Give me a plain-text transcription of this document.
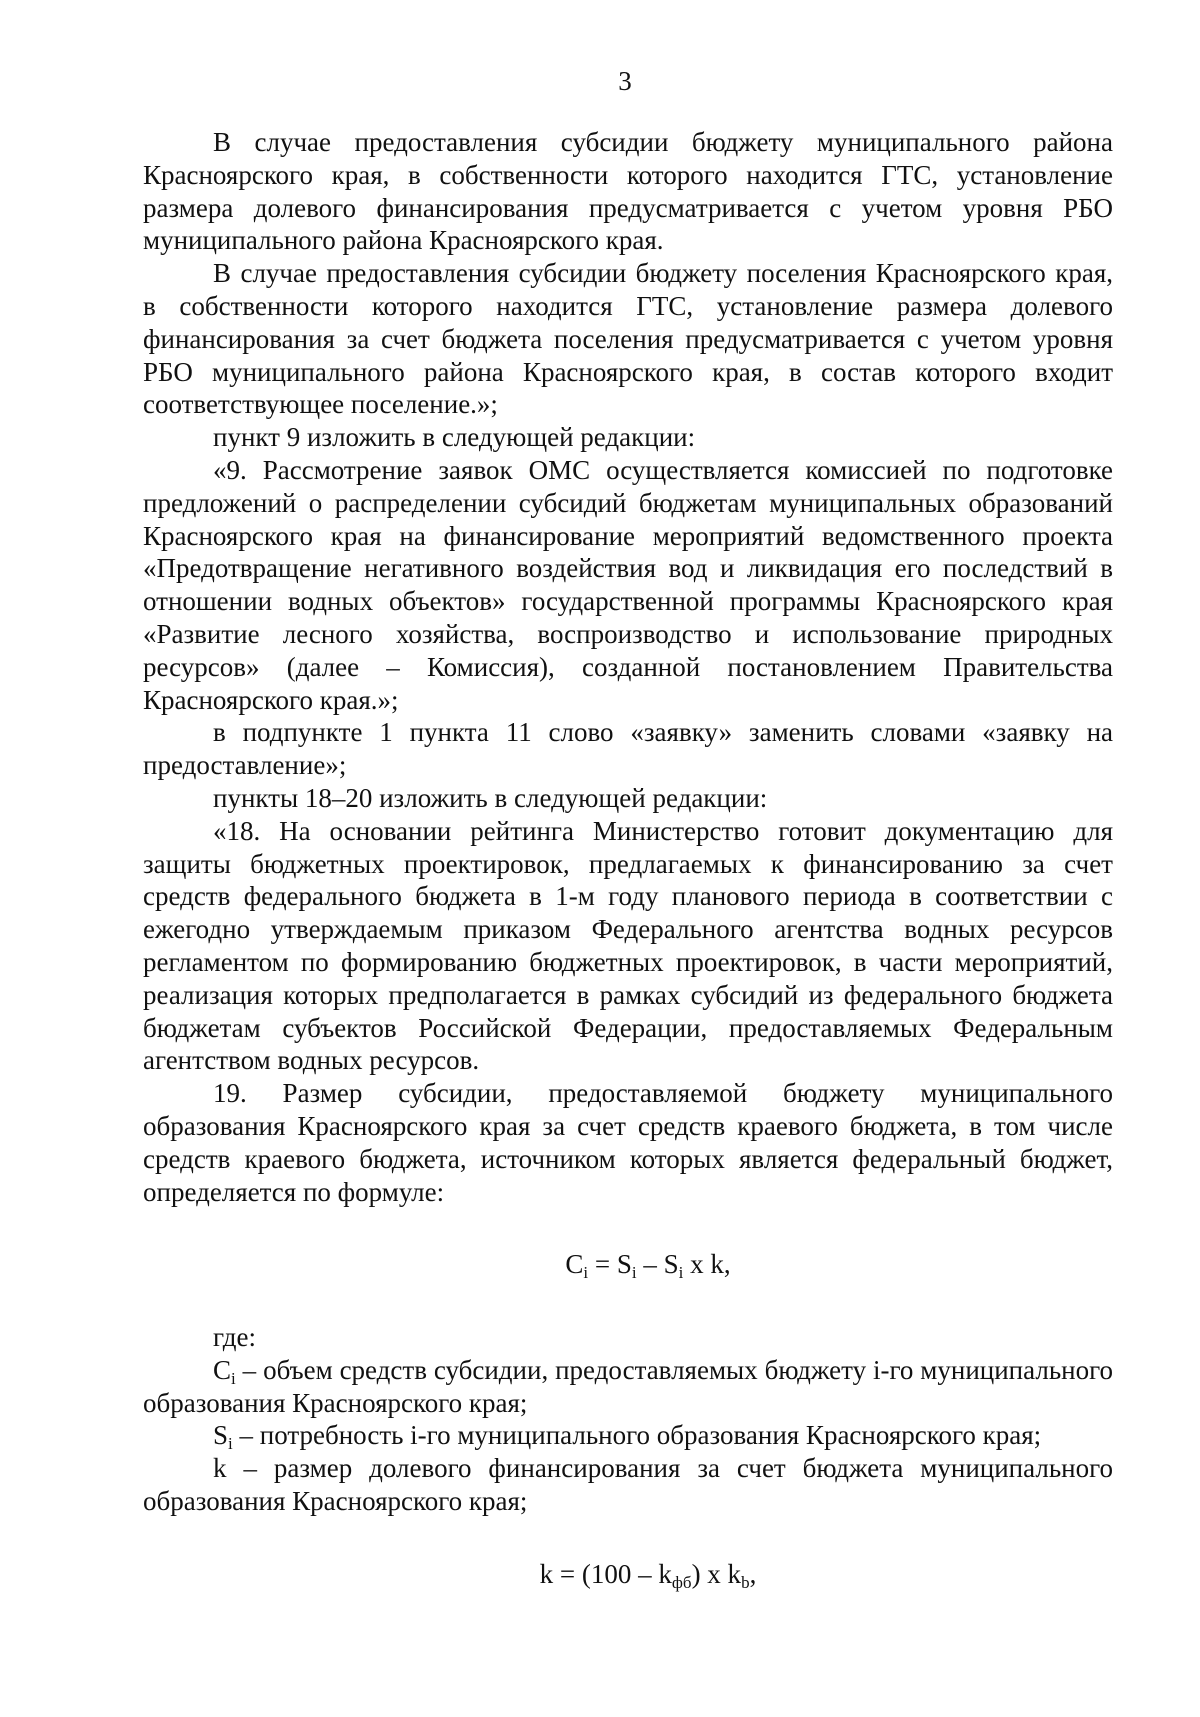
3

В случае предоставления субсидии бюджету муниципального района Красноярского края, в собственности которого находится ГТС, установление размера долевого финансирования предусматривается с учетом уровня РБО муниципального района Красноярского края.

В случае предоставления субсидии бюджету поселения Красноярского края, в собственности которого находится ГТС, установление размера долевого финансирования за счет бюджета поселения предусматривается с учетом уровня РБО муниципального района Красноярского края, в состав которого входит соответствующее поселение.»;

пункт 9 изложить в следующей редакции:

«9. Рассмотрение заявок ОМС осуществляется комиссией по подготовке предложений о распределении субсидий бюджетам муниципальных образований Красноярского края на финансирование мероприятий ведомственного проекта «Предотвращение негативного воздействия вод и ликвидация его последствий в отношении водных объектов» государственной программы Красноярского края «Развитие лесного хозяйства, воспроизводство и использование природных ресурсов» (далее – Комиссия), созданной постановлением Правительства Красноярского края.»;

в подпункте 1 пункта 11 слово «заявку» заменить словами «заявку на предоставление»;

пункты 18–20 изложить в следующей редакции:

«18. На основании рейтинга Министерство готовит документацию для защиты бюджетных проектировок, предлагаемых к финансированию за счет средств федерального бюджета в 1-м году планового периода в соответствии с ежегодно утверждаемым приказом Федерального агентства водных ресурсов регламентом по формированию бюджетных проектировок, в части мероприятий, реализация которых предполагается в рамках субсидий из федерального бюджета бюджетам субъектов Российской Федерации, предоставляемых Федеральным агентством водных ресурсов.

19. Размер субсидии, предоставляемой бюджету муниципального образования Красноярского края за счет средств краевого бюджета, в том числе средств краевого бюджета, источником которых является федеральный бюджет, определяется по формуле:

$C_i = S_i - S_i$ x k,

где:

$C_i$ – объем средств субсидии, предоставляемых бюджету i-го муниципального образования Красноярского края;

$S_i$ – потребность i-го муниципального образования Красноярского края;

k – размер долевого финансирования за счет бюджета муниципального образования Красноярского края;

$k = (100 - k_{фб})$ x $k_b$,
